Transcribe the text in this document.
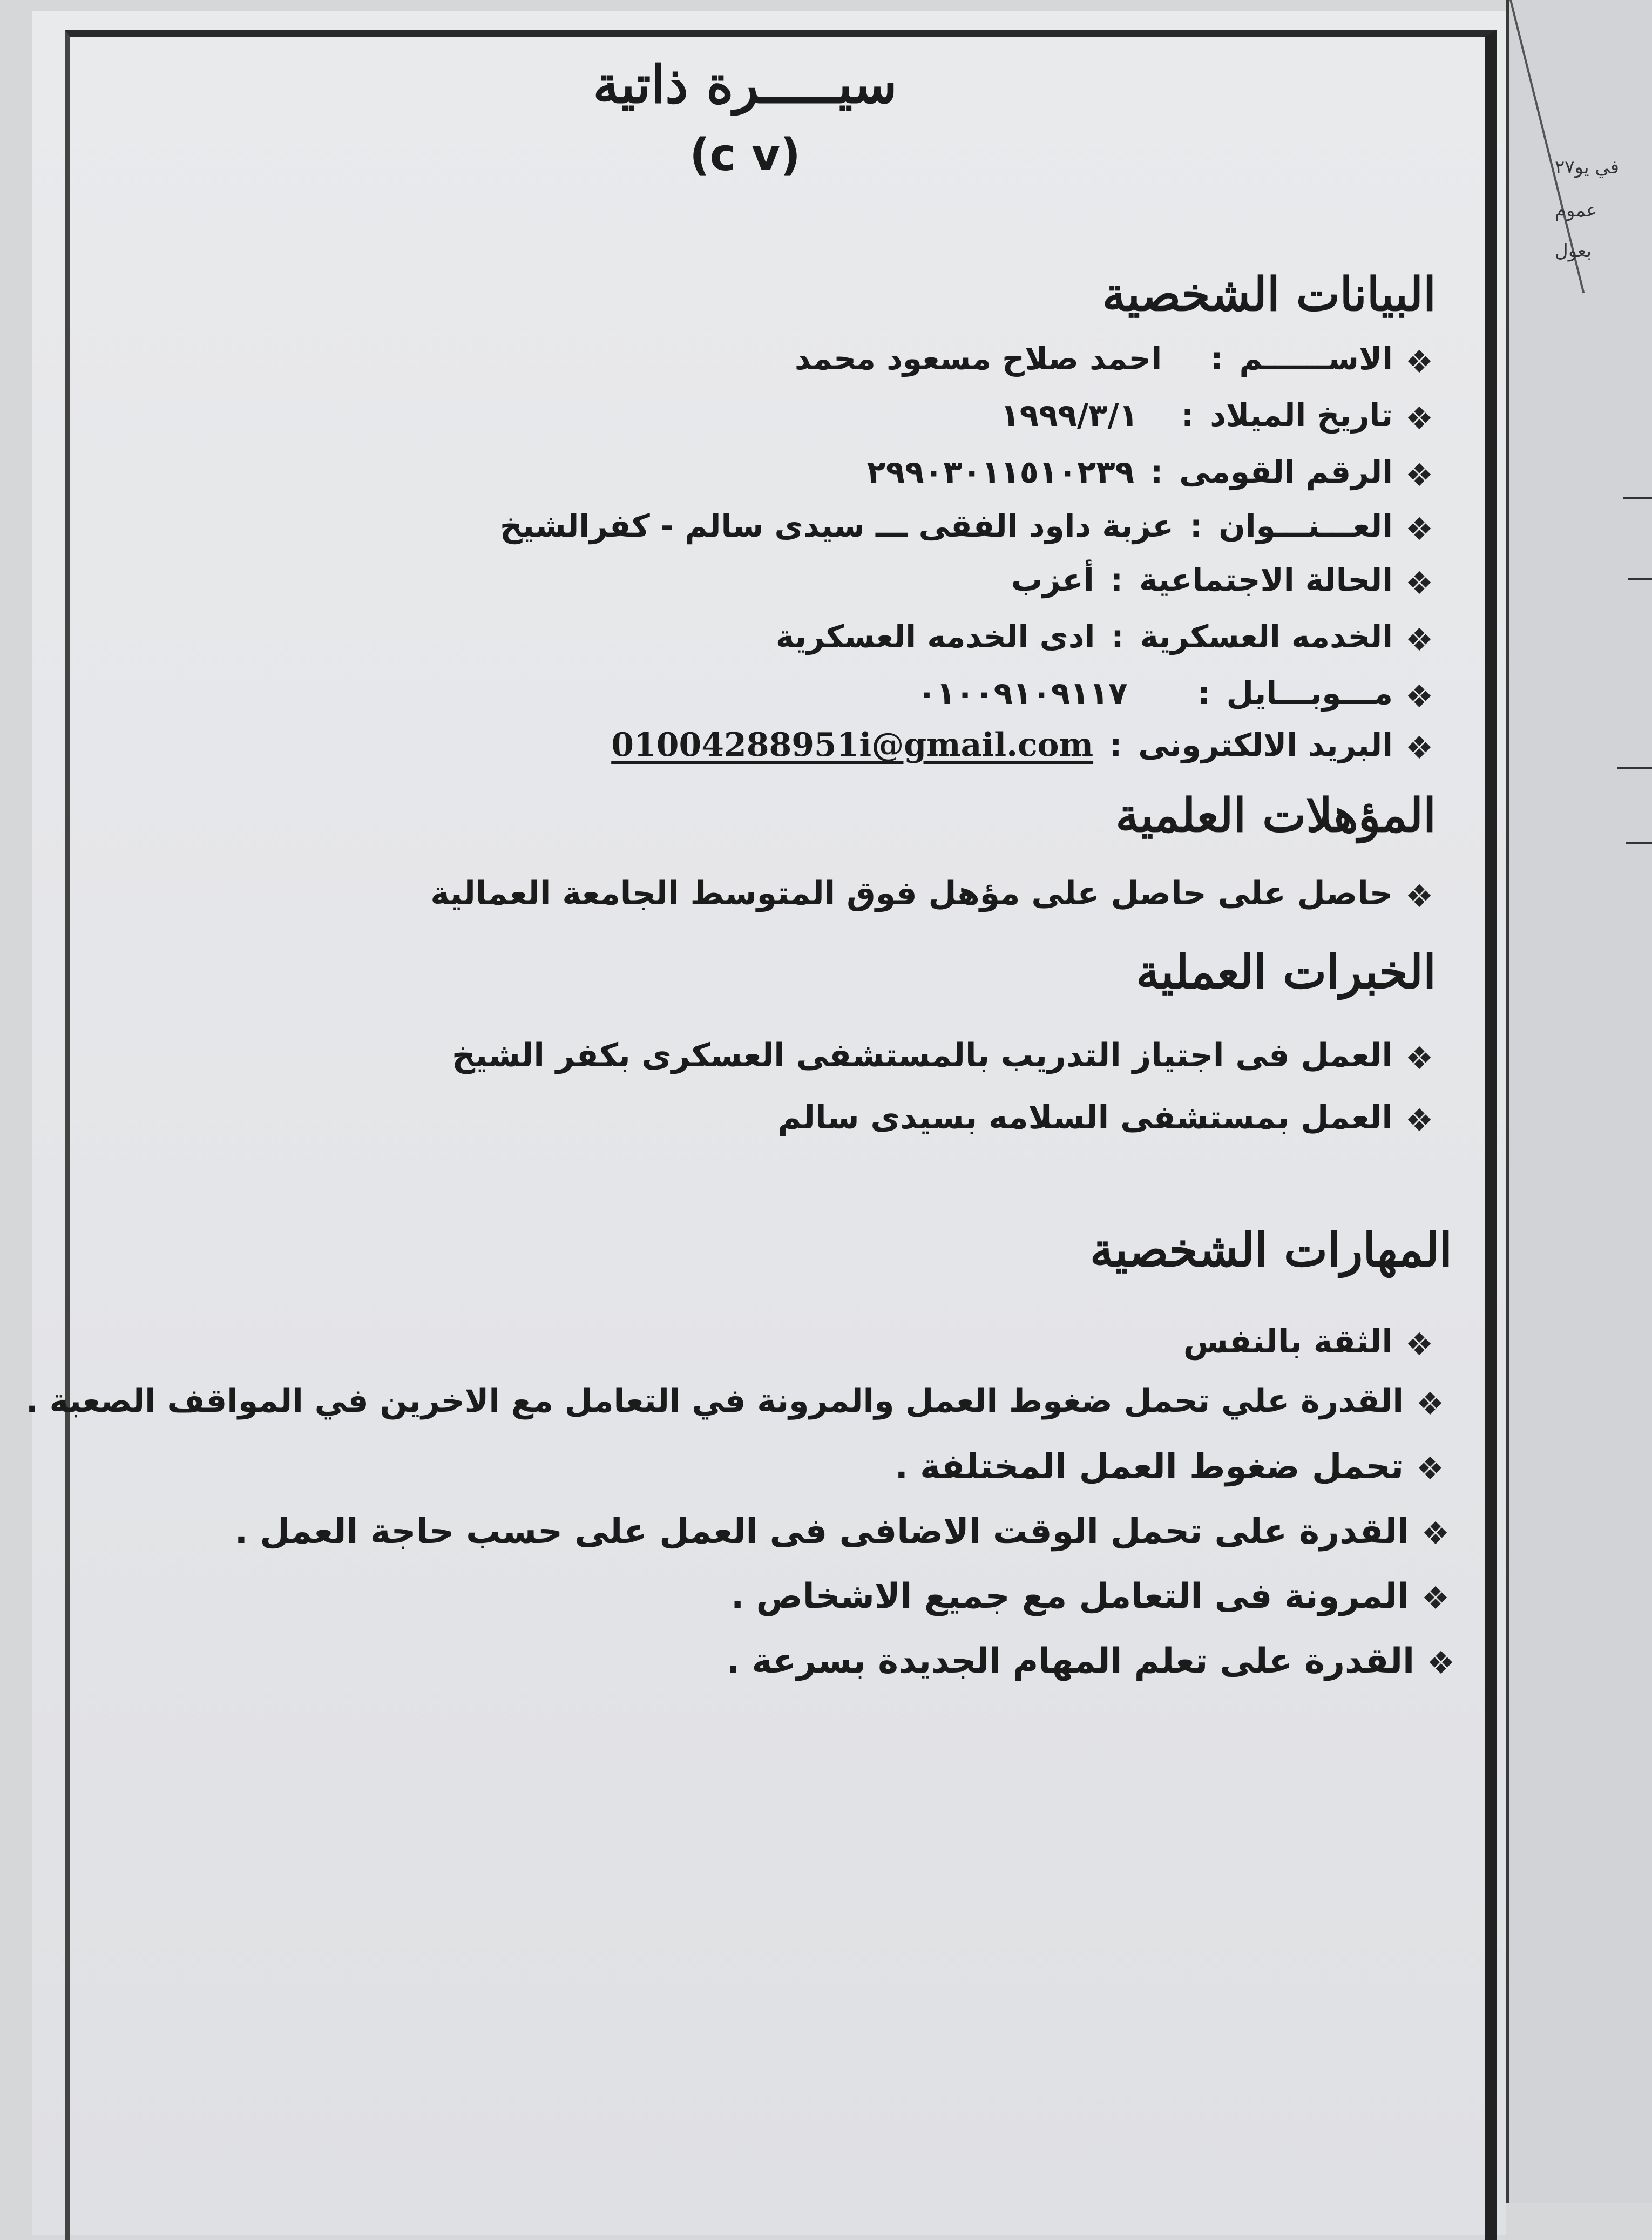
في يو٢٧
عموم
بعول
سيـــــرة ذاتية
(c v)
البيانات الشخصية
❖
الاســــــم:احمد صلاح مسعود محمد
❖
تاريخ الميلاد:١٩٩٩/٣/١
❖
الرقم القومى:٢٩٩٠٣٠١١٥١٠٢٣٩
❖
العـــنـــوان:عزبة داود الفقى ـــ سيدى سالم - كفرالشيخ
❖
الحالة الاجتماعية:أعزب
❖
الخدمه العسكرية:ادى الخدمه العسكرية
❖
مـــوبـــايل:٠١٠٠٩١٠٩١١٧
❖
البريد الالكترونى:01004288951i@gmail.com
المؤهلات العلمية
❖
حاصل على حاصل على مؤهل فوق المتوسط الجامعة العمالية
الخبرات العملية
❖
العمل فى اجتياز التدريب بالمستشفى العسكرى بكفر الشيخ
❖
العمل بمستشفى السلامه بسيدى سالم
المهارات الشخصية
❖
الثقة بالنفس
❖
القدرة علي تحمل ضغوط العمل والمرونة في التعامل مع الاخرين في المواقف الصعبة .
❖
تحمل ضغوط العمل المختلفة .
❖
القدرة على تحمل الوقت الاضافى فى العمل على حسب حاجة العمل .
❖
المرونة فى التعامل مع جميع الاشخاص .
❖
القدرة على تعلم المهام الجديدة بسرعة .
